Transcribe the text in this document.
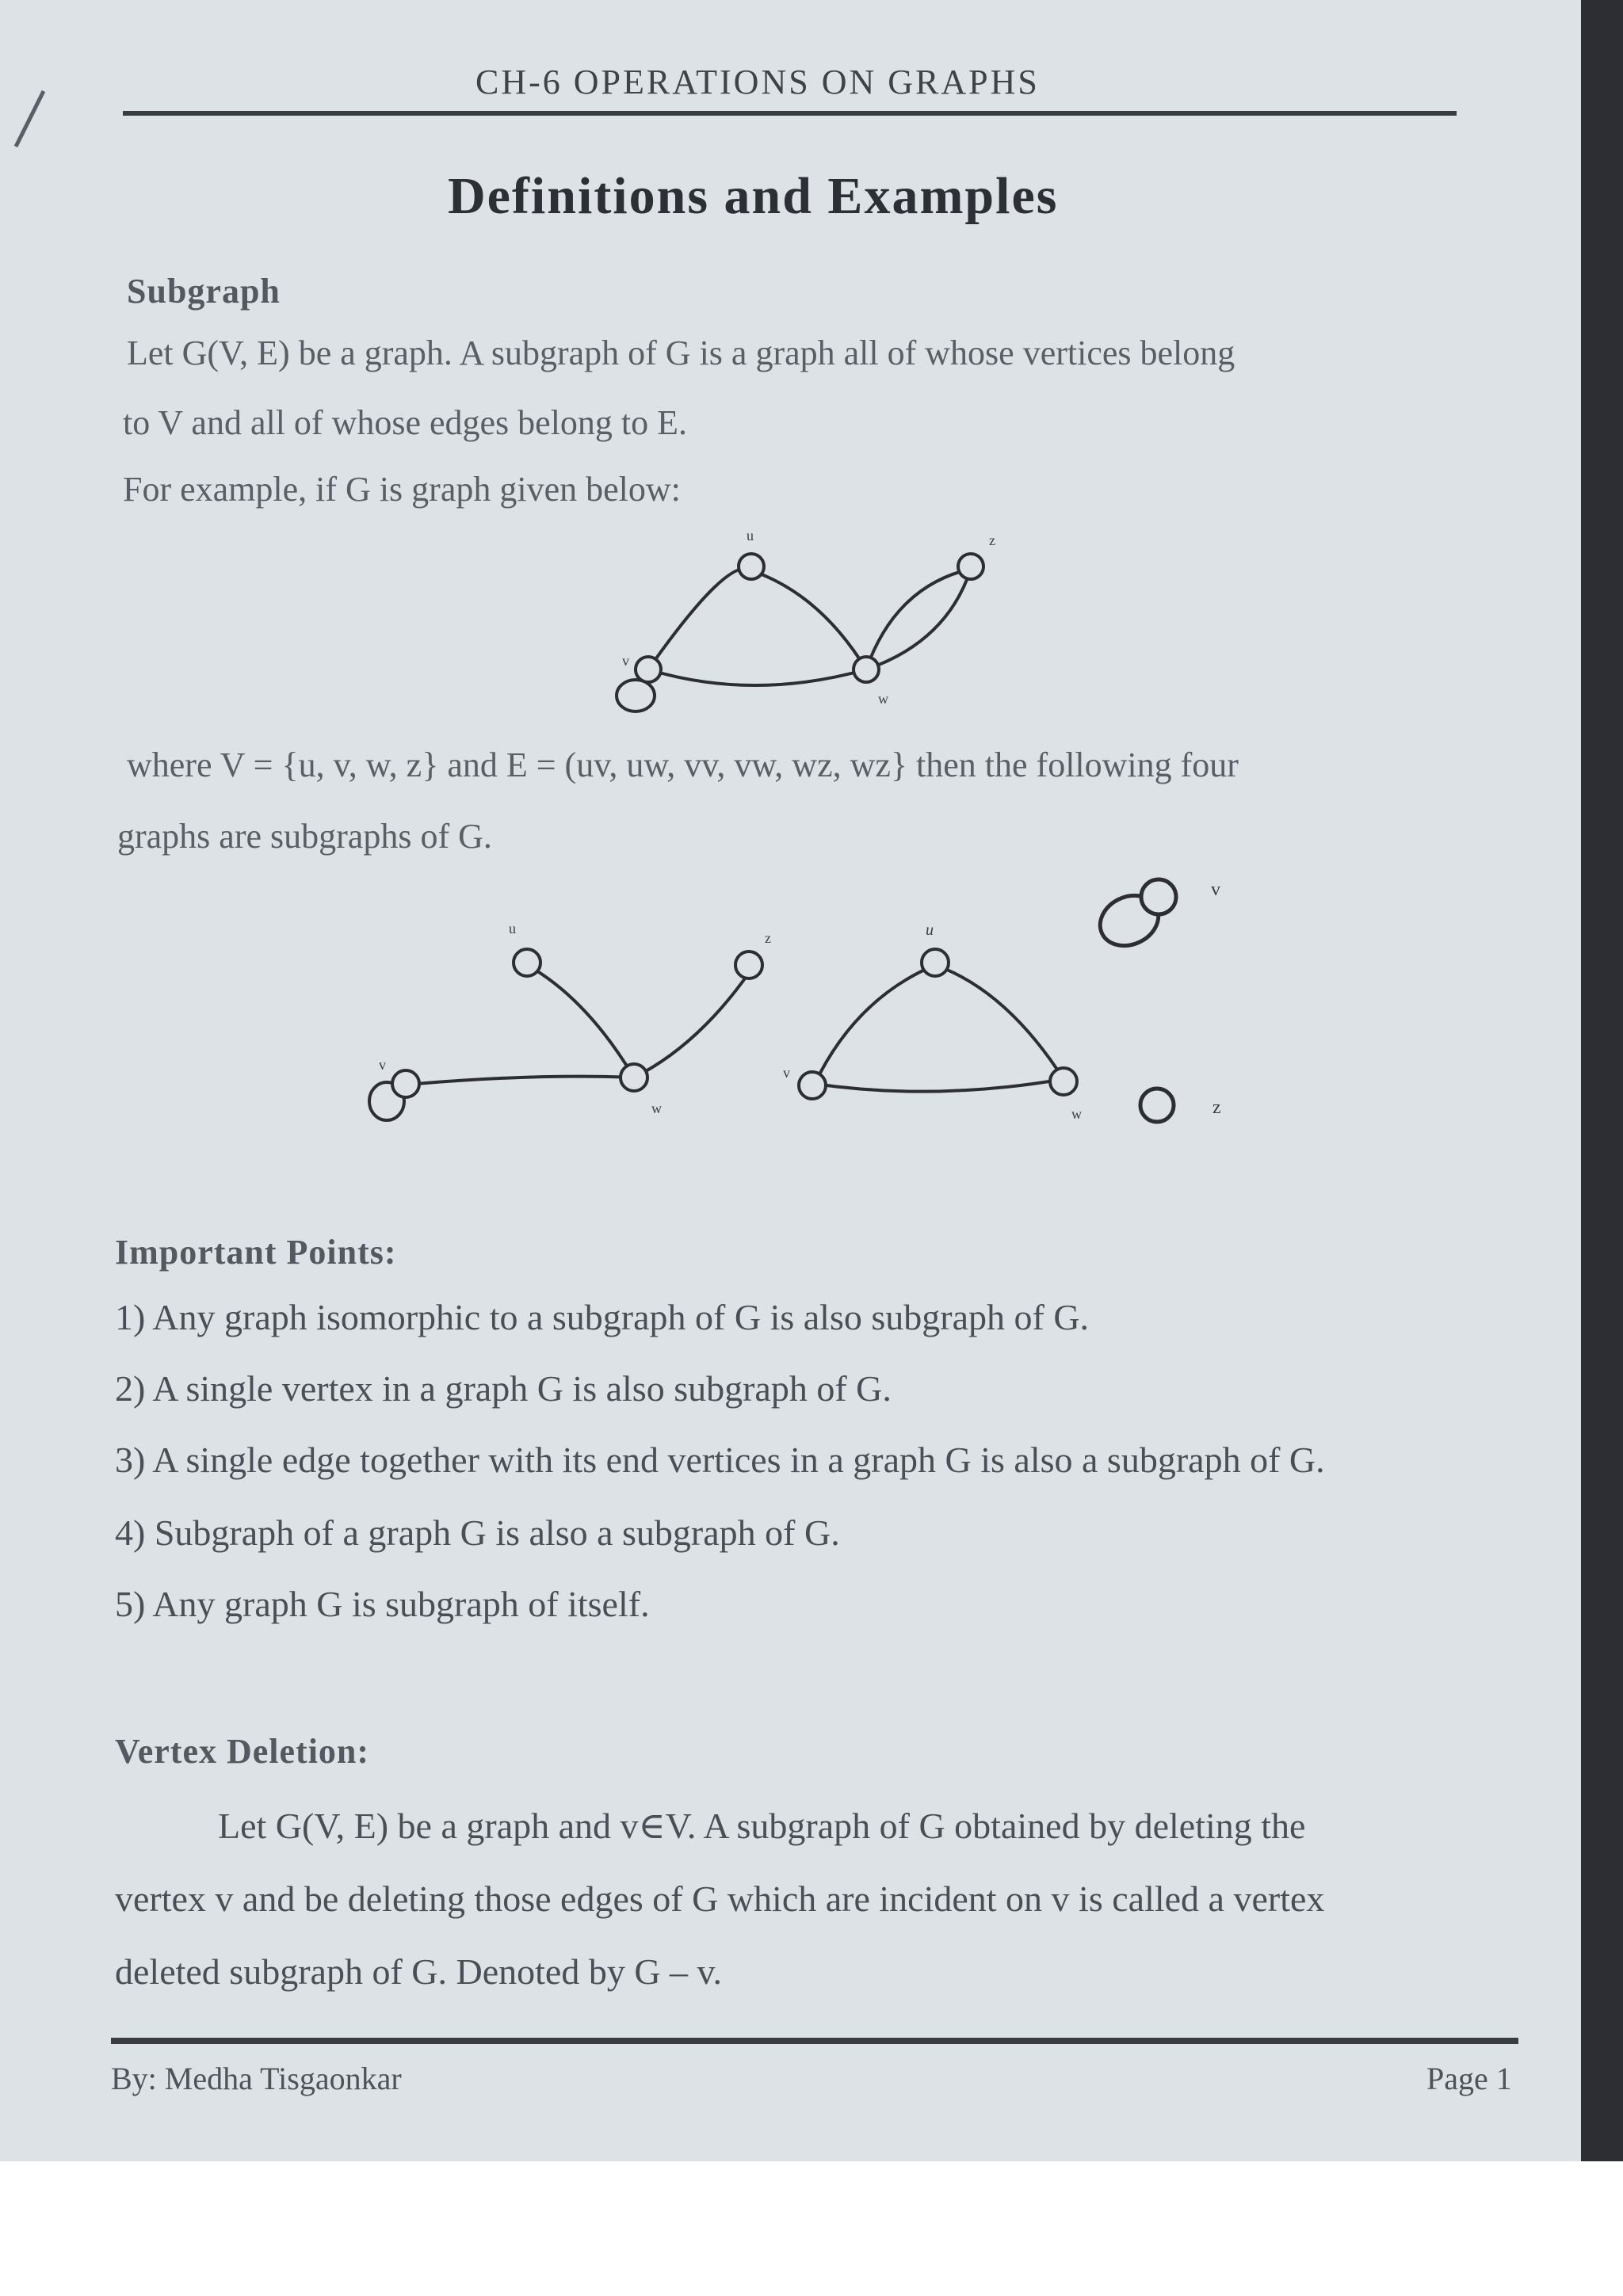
CH-6 OPERATIONS ON GRAPHS
Definitions and Examples
Subgraph
Let G(V, E) be a graph. A subgraph of G is a graph all of whose vertices belong
to V and all of whose edges belong to E.
For example, if G is graph given below:
u
v
w
z
where V = {u, v, w, z} and E = (uv, uw, vv, vw, wz, wz} then the following four
graphs are subgraphs of G.
u
v
w
z	u
v
w
v
z
Important Points:
1) Any graph isomorphic to a subgraph of G is also subgraph of G.
2) A single vertex in a graph G is also subgraph of G.
3) A single edge together with its end vertices in a graph G is also a subgraph of G.
4) Subgraph of a graph G is also a subgraph of G.
5) Any graph G is subgraph of itself.
Vertex Deletion:
Let G(V, E) be a graph and v∈V. A subgraph of G obtained by deleting the
vertex v and be deleting those edges of G which are incident on v is called a vertex
deleted subgraph of G. Denoted by G – v.
By: Medha Tisgaonkar	Page 1
